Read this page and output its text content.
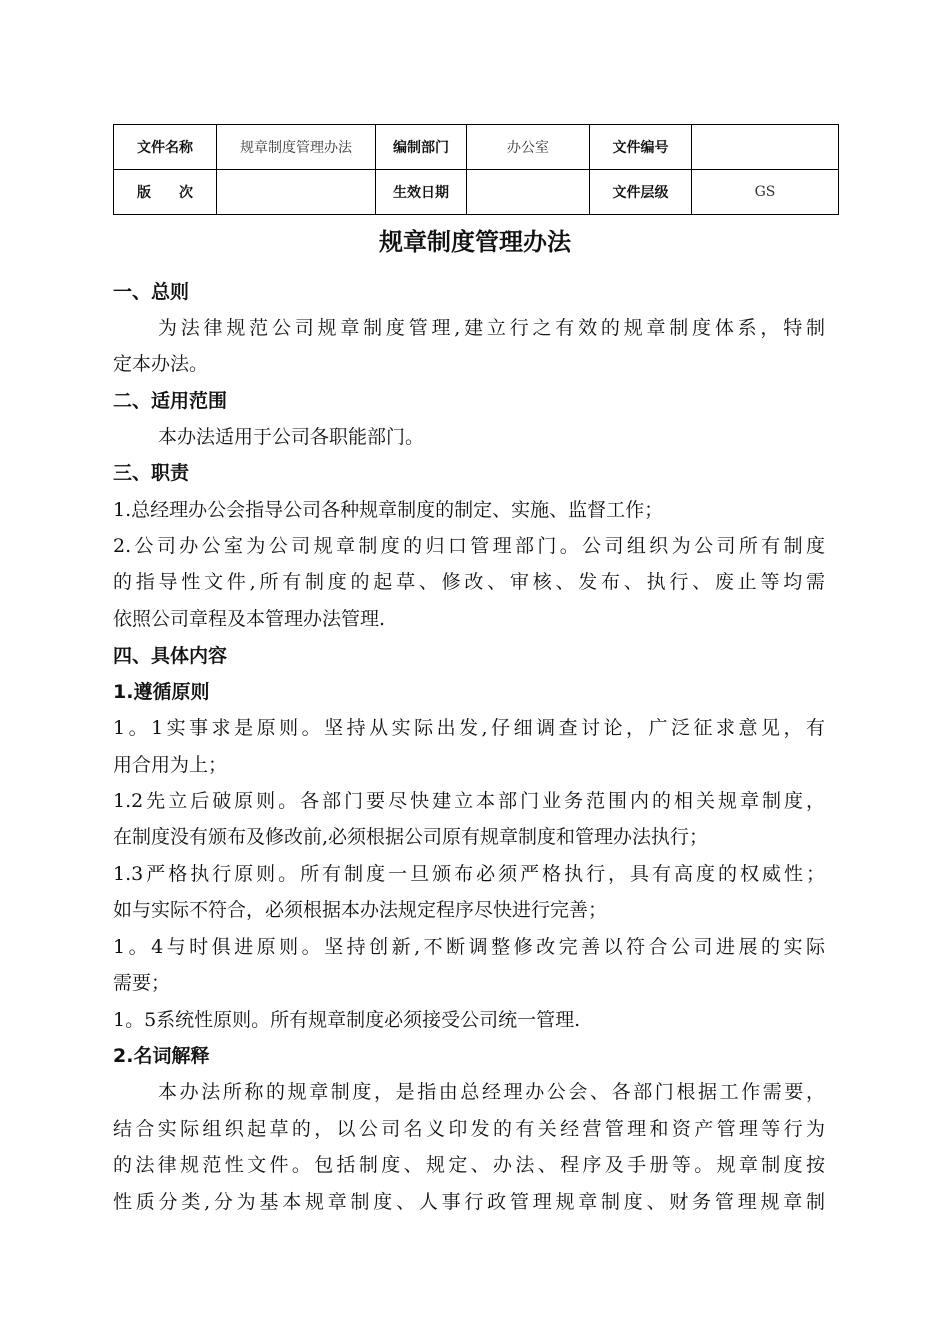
文件名称	规章制度管理办法	编制部门	办公室	文件编号	
版　　次		生效日期		文件层级	GS
规章制度管理办法
一、总则
为法律规范公司规章制度管理,建立行之有效的规章制度体系，特制
定本办法。
二、适用范围
本办法适用于公司各职能部门。
三、职责
1.总经理办公会指导公司各种规章制度的制定、实施、监督工作；
2.公司办公室为公司规章制度的归口管理部门。公司组织为公司所有制度
的指导性文件,所有制度的起草、修改、审核、发布、执行、废止等均需
依照公司章程及本管理办法管理.
四、具体内容
1.遵循原则
1。1实事求是原则。坚持从实际出发,仔细调查讨论，广泛征求意见，有
用合用为上；
1.2先立后破原则。各部门要尽快建立本部门业务范围内的相关规章制度，
在制度没有颁布及修改前,必须根据公司原有规章制度和管理办法执行；
1.3严格执行原则。所有制度一旦颁布必须严格执行，具有高度的权威性；
如与实际不符合，必须根据本办法规定程序尽快进行完善；
1。4与时俱进原则。坚持创新,不断调整修改完善以符合公司进展的实际
需要；
1。5系统性原则。所有规章制度必须接受公司统一管理.
2.名词解释
本办法所称的规章制度，是指由总经理办公会、各部门根据工作需要，
结合实际组织起草的，以公司名义印发的有关经营管理和资产管理等行为
的法律规范性文件。包括制度、规定、办法、程序及手册等。规章制度按
性质分类,分为基本规章制度、人事行政管理规章制度、财务管理规章制
